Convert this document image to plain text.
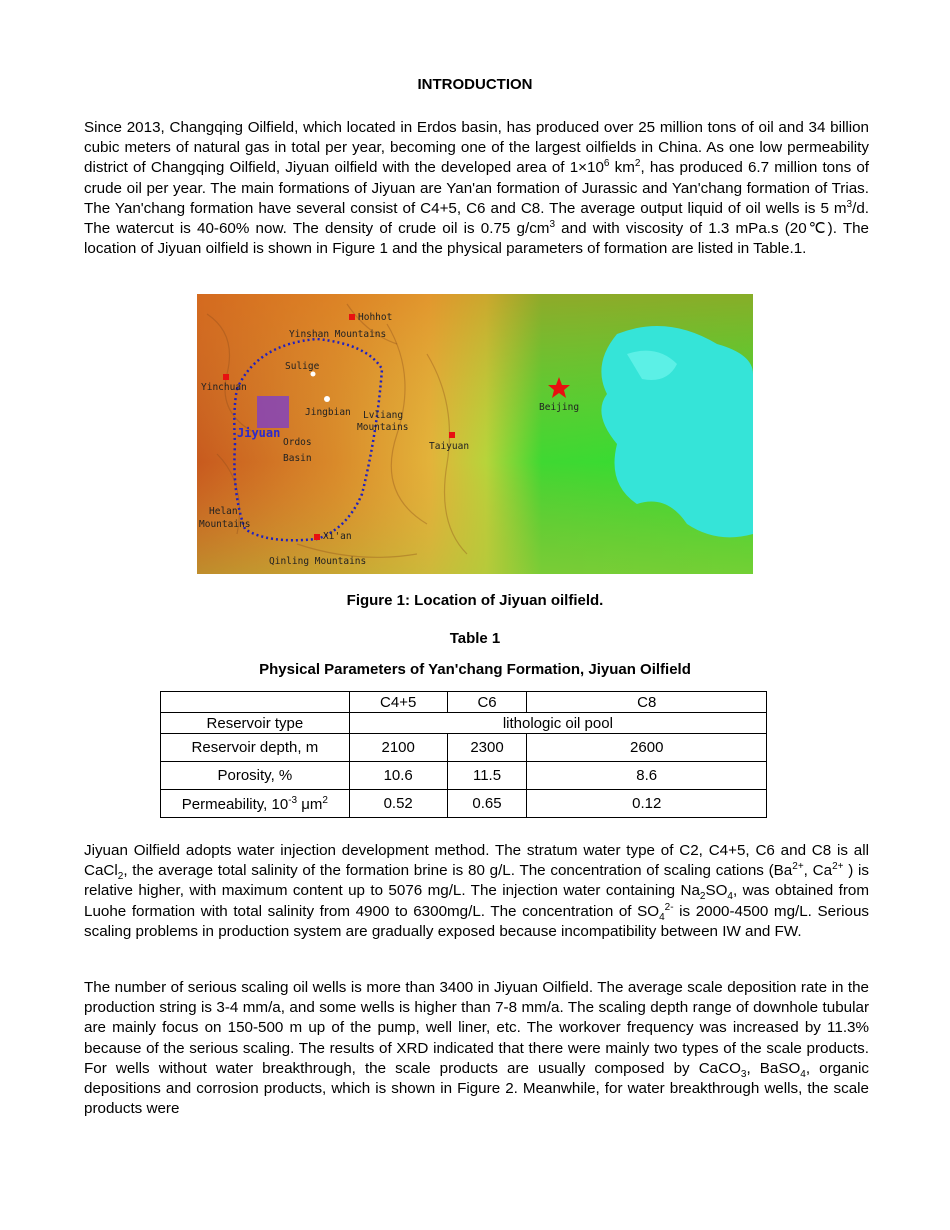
INTRODUCTION

Since 2013, Changqing Oilfield, which located in Erdos basin, has produced over 25 million tons of oil and 34 billion cubic meters of natural gas in total per year, becoming one of the largest oilfields in China. As one low permeability district of Changqing Oilfield, Jiyuan oilfield with the developed area of $1\times 10^6$ $km^2$, has produced 6.7 million tons of crude oil per year. The main formations of Jiyuan are Yan'an formation of Jurassic and Yan'chang formation of Trias. The Yan'chang formation have several consist of C4+5, C6 and C8. The average output liquid of oil wells is 5 $m^3/d$. The watercut is 40-60% now. The density of crude oil is 0.75 $g/cm^3$ and with viscosity of 1.3 mPa.s (20℃). The location of Jiyuan oilfield is shown in Figure 1 and the physical parameters of formation are listed in Table.1.

Hohhot
Yinshan Mountains
Sulige
Yinchuan
Jingbian Lvliang
Mountains
Beijing
Jiyuan
Ordos
Basin
Taiyuan
Helan
Mountains
Xi'an
Qinling Mountains
Figure 1: Location of Jiyuan oilfield.
Table 1
Physical Parameters of Yan'chang Formation, Jiyuan Oilfield
	C4+5	C6	C8
Reservoir type	lithologic oil pool		
Reservoir depth, m	2100	2300	2600
Porosity, %	10.6	11.5	8.6
Permeability, $10^{-3}$ $\mu m^2$	0.52	0.65	0.12

Jiyuan Oilfield adopts water injection development method. The stratum water type of C2, C4+5, C6 and C8 is all CaCl$_2$, the average total salinity of the formation brine is 80 g/L. The concentration of scaling cations ($Ba^{2+}$, $Ca^{2+}$ ) is relative higher, with maximum content up to 5076 mg/L. The injection water containing $Na_2SO_4$, was obtained from Luohe formation with total salinity from 4900 to 6300mg/L. The concentration of $SO_4^{2-}$ is 2000-4500 mg/L. Serious scaling problems in production system are gradually exposed because incompatibility between IW and FW.

The number of serious scaling oil wells is more than 3400 in Jiyuan Oilfield. The average scale deposition rate in the production string is 3-4 mm/a, and some wells is higher than 7-8 mm/a. The scaling depth range of downhole tubular are mainly focus on 150-500 m up of the pump, well liner, etc. The workover frequency was increased by 11.3% because of the serious scaling. The results of XRD indicated that there were mainly two types of the scale products. For wells without water breakthrough, the scale products are usually composed by CaCO$_3$, BaSO$_4$, organic depositions and corrosion products, which is shown in Figure 2. Meanwhile, for water breakthrough wells, the scale products were
